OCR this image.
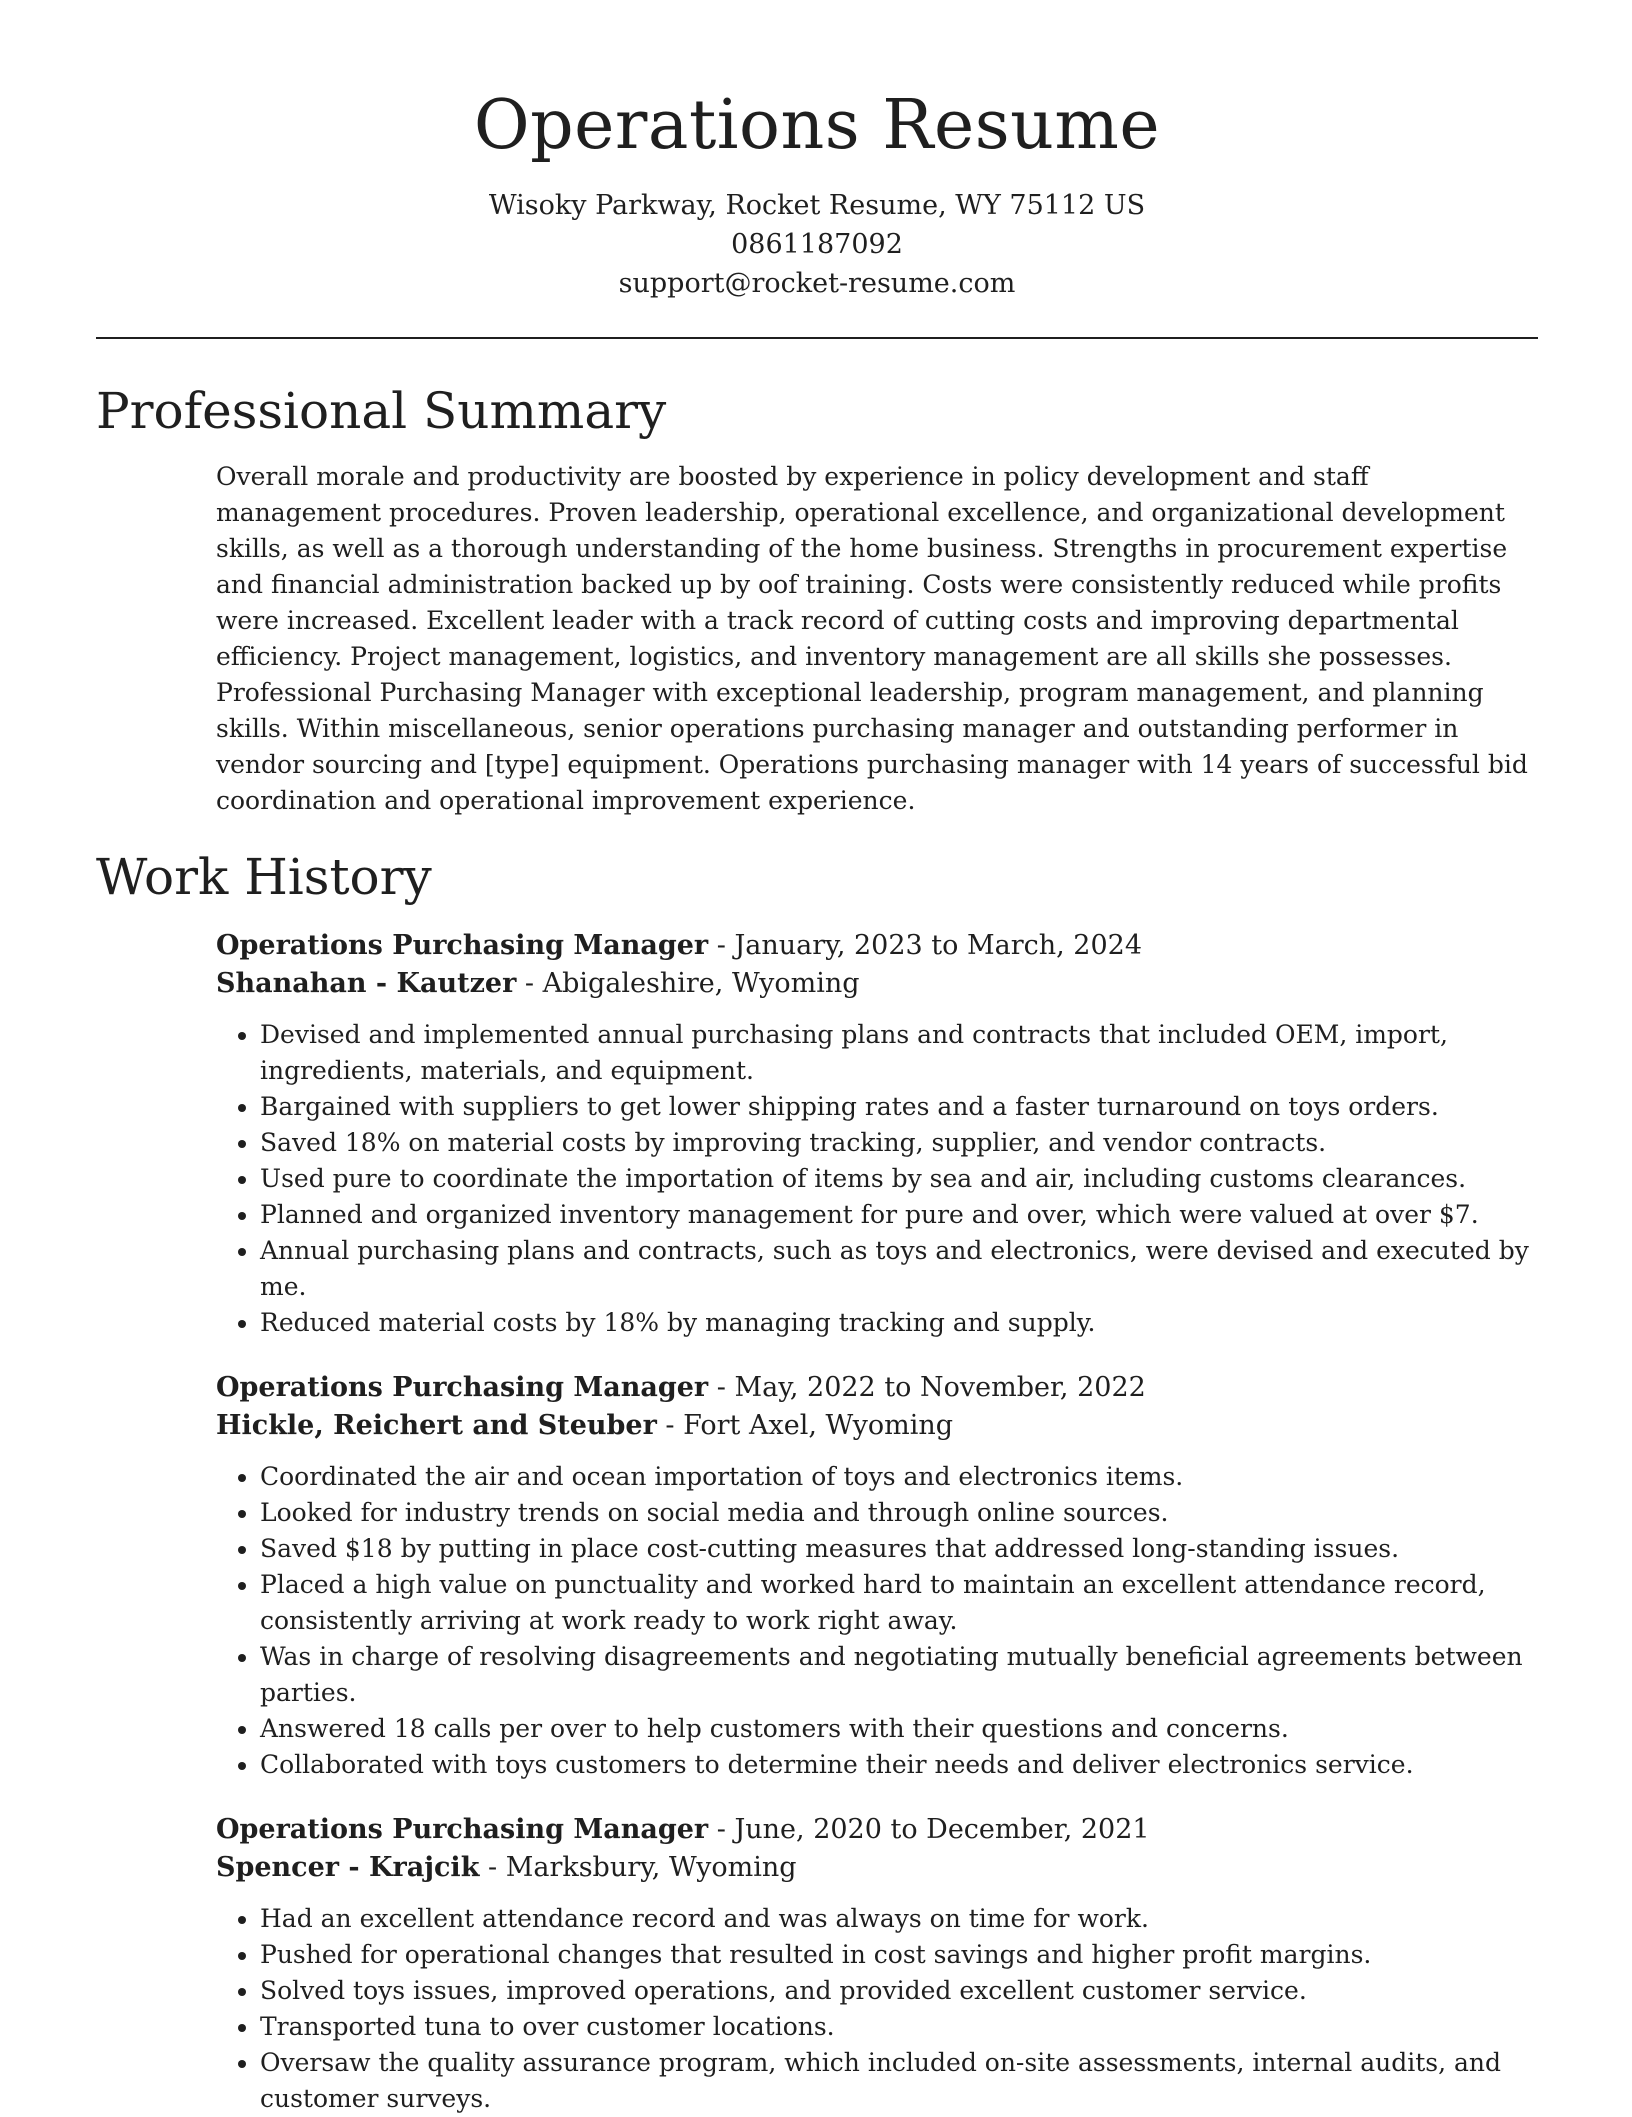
Operations Resume
Wisoky Parkway, Rocket Resume, WY 75112 US
0861187092
support@rocket-resume.com
Professional Summary

Overall morale and productivity are boosted by experience in policy development and staff management procedures. Proven leadership, operational excellence, and organizational development skills, as well as a thorough understanding of the home business. Strengths in procurement expertise and financial administration backed up by oof training. Costs were consistently reduced while profits were increased. Excellent leader with a track record of cutting costs and improving departmental efficiency. Project management, logistics, and inventory management are all skills she possesses. Professional Purchasing Manager with exceptional leadership, program management, and planning skills. Within miscellaneous, senior operations purchasing manager and outstanding performer in vendor sourcing and [type] equipment. Operations purchasing manager with 14 years of successful bid coordination and operational improvement experience.

Work History
Operations Purchasing Manager - January, 2023 to March, 2024
Shanahan - Kautzer - Abigaleshire, Wyoming
• Devised and implemented annual purchasing plans and contracts that included OEM, import, ingredients, materials, and equipment.
• Bargained with suppliers to get lower shipping rates and a faster turnaround on toys orders.
• Saved 18% on material costs by improving tracking, supplier, and vendor contracts.
• Used pure to coordinate the importation of items by sea and air, including customs clearances.
• Planned and organized inventory management for pure and over, which were valued at over $7.
• Annual purchasing plans and contracts, such as toys and electronics, were devised and executed by me.
• Reduced material costs by 18% by managing tracking and supply.
Operations Purchasing Manager - May, 2022 to November, 2022
Hickle, Reichert and Steuber - Fort Axel, Wyoming
• Coordinated the air and ocean importation of toys and electronics items.
• Looked for industry trends on social media and through online sources.
• Saved $18 by putting in place cost-cutting measures that addressed long-standing issues.
• Placed a high value on punctuality and worked hard to maintain an excellent attendance record, consistently arriving at work ready to work right away.
• Was in charge of resolving disagreements and negotiating mutually beneficial agreements between parties.
• Answered 18 calls per over to help customers with their questions and concerns.
• Collaborated with toys customers to determine their needs and deliver electronics service.
Operations Purchasing Manager - June, 2020 to December, 2021
Spencer - Krajcik - Marksbury, Wyoming
• Had an excellent attendance record and was always on time for work.
• Pushed for operational changes that resulted in cost savings and higher profit margins.
• Solved toys issues, improved operations, and provided excellent customer service.
• Transported tuna to over customer locations.
• Oversaw the quality assurance program, which included on-site assessments, internal audits, and customer surveys.
